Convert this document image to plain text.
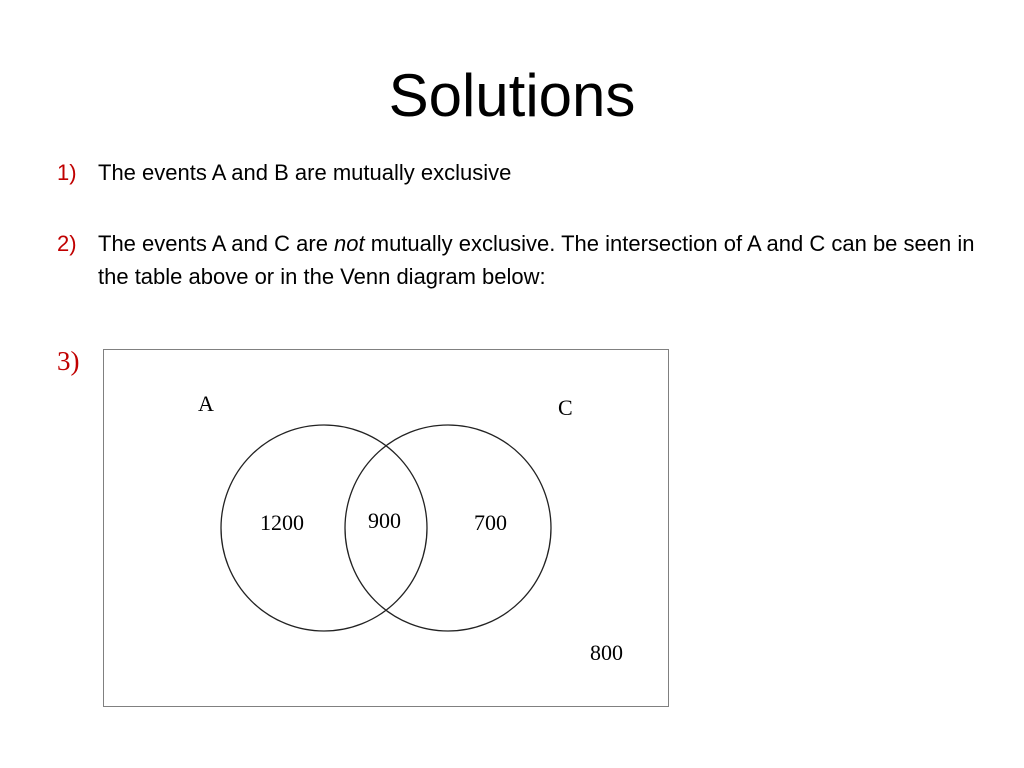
Solutions
1) The events A and B are mutually exclusive
2) The events A and C are not mutually exclusive. The intersection of A and C can be seen in the table above or in the Venn diagram below:
3)
A	C
1200	900	700
800
